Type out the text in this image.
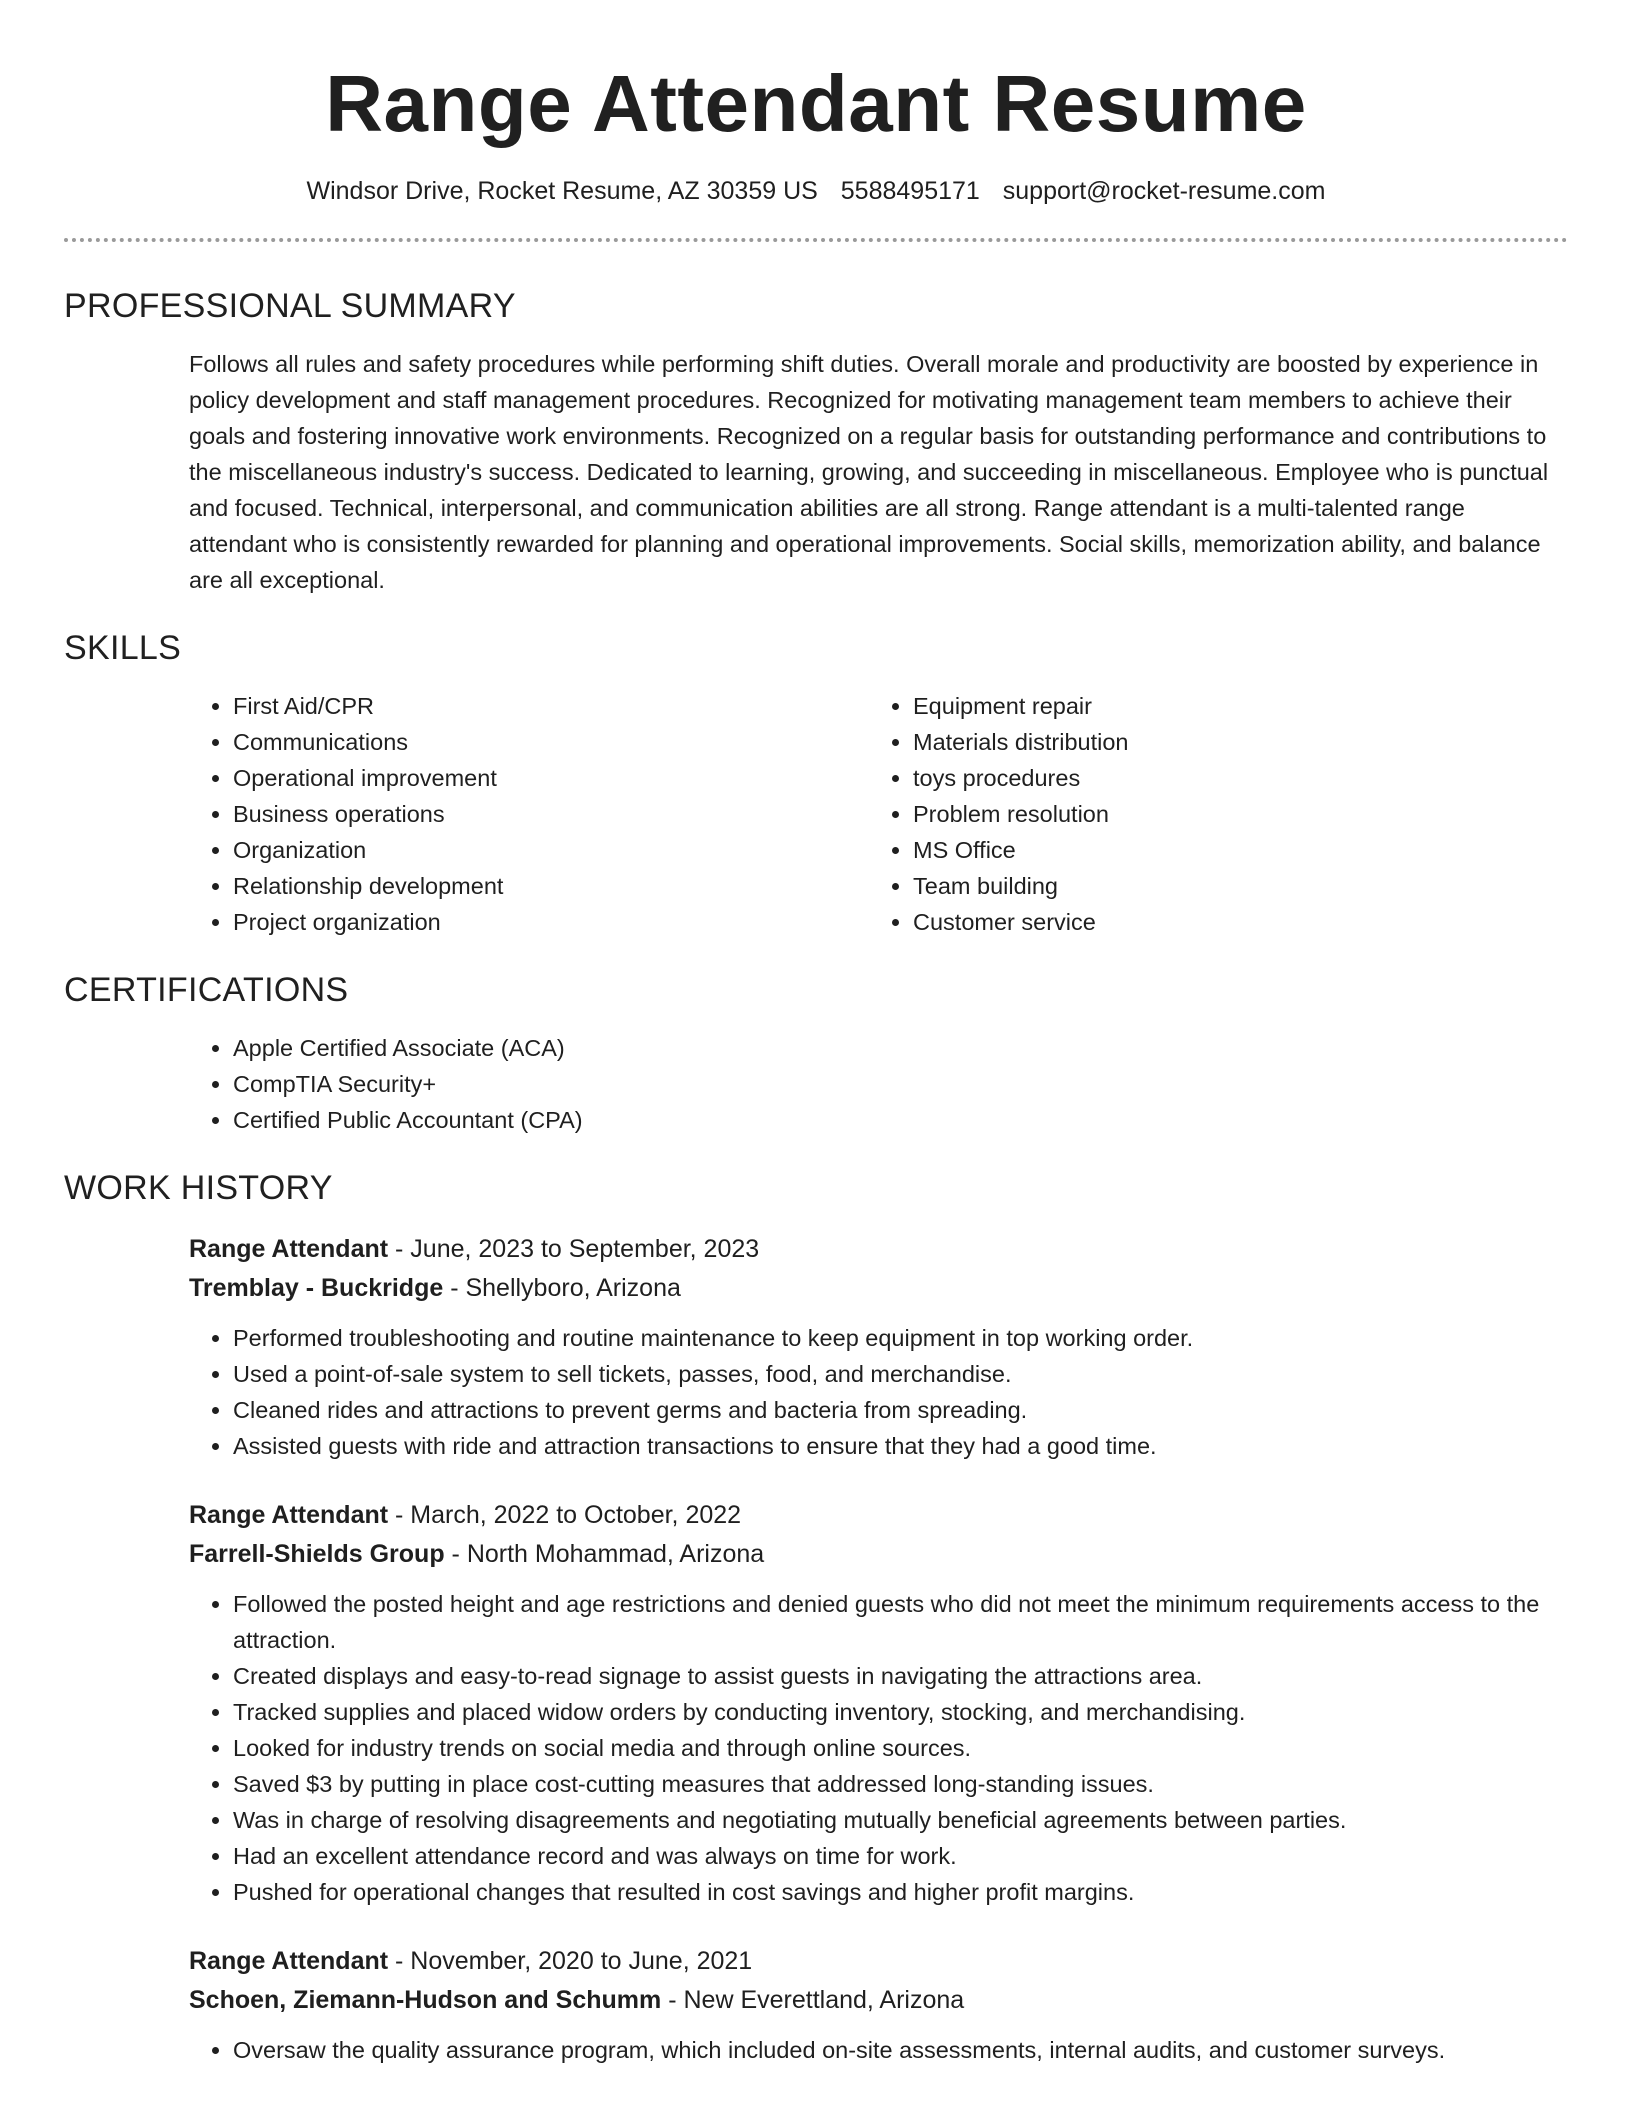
Range Attendant Resume
Windsor Drive, Rocket Resume, AZ 30359 US 5588495171 support@rocket-resume.com
PROFESSIONAL SUMMARY

Follows all rules and safety procedures while performing shift duties. Overall morale and productivity are boosted by experience in policy development and staff management procedures. Recognized for motivating management team members to achieve their goals and fostering innovative work environments. Recognized on a regular basis for outstanding performance and contributions to the miscellaneous industry's success. Dedicated to learning, growing, and succeeding in miscellaneous. Employee who is punctual and focused. Technical, interpersonal, and communication abilities are all strong. Range attendant is a multi-talented range attendant who is consistently rewarded for planning and operational improvements. Social skills, memorization ability, and balance are all exceptional.

SKILLS
• First Aid/CPR
• Communications
• Operational improvement
• Business operations
• Organization
• Relationship development
• Project organization
• Equipment repair
• Materials distribution
• toys procedures
• Problem resolution
• MS Office
• Team building
• Customer service
CERTIFICATIONS
• Apple Certified Associate (ACA)
• CompTIA Security+
• Certified Public Accountant (CPA)
WORK HISTORY
Range Attendant - June, 2023 to September, 2023
Tremblay - Buckridge - Shellyboro, Arizona
• Performed troubleshooting and routine maintenance to keep equipment in top working order.
• Used a point-of-sale system to sell tickets, passes, food, and merchandise.
• Cleaned rides and attractions to prevent germs and bacteria from spreading.
• Assisted guests with ride and attraction transactions to ensure that they had a good time.
Range Attendant - March, 2022 to October, 2022
Farrell-Shields Group - North Mohammad, Arizona
• Followed the posted height and age restrictions and denied guests who did not meet the minimum requirements access to the attraction.
• Created displays and easy-to-read signage to assist guests in navigating the attractions area.
• Tracked supplies and placed widow orders by conducting inventory, stocking, and merchandising.
• Looked for industry trends on social media and through online sources.
• Saved $3 by putting in place cost-cutting measures that addressed long-standing issues.
• Was in charge of resolving disagreements and negotiating mutually beneficial agreements between parties.
• Had an excellent attendance record and was always on time for work.
• Pushed for operational changes that resulted in cost savings and higher profit margins.
Range Attendant - November, 2020 to June, 2021
Schoen, Ziemann-Hudson and Schumm - New Everettland, Arizona
• Oversaw the quality assurance program, which included on-site assessments, internal audits, and customer surveys.
